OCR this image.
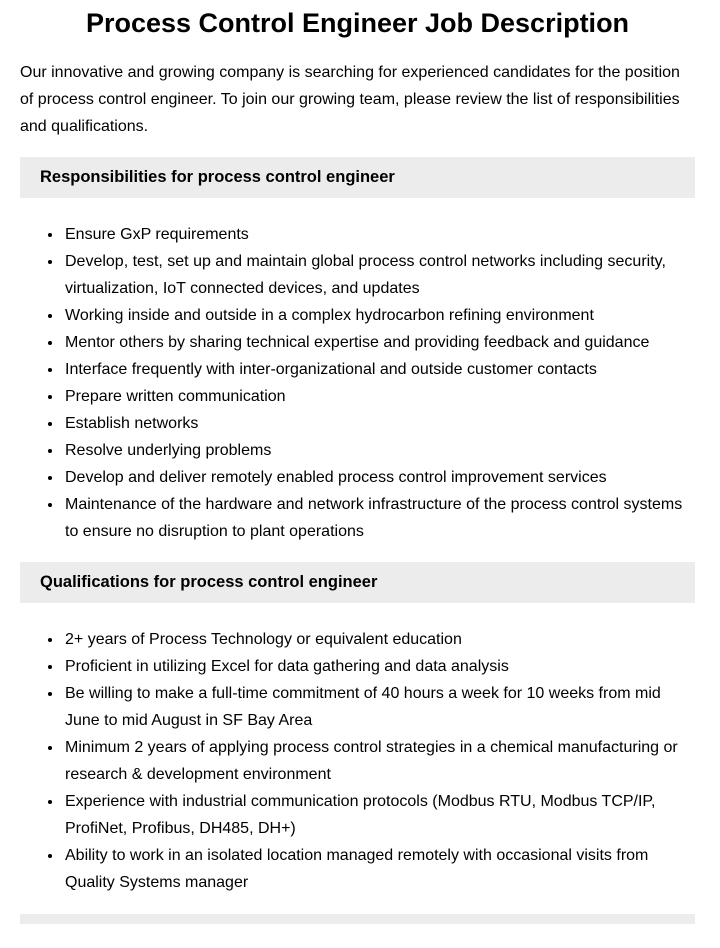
Process Control Engineer Job Description

Our innovative and growing company is searching for experienced candidates for the position of process control engineer. To join our growing team, please review the list of responsibilities and qualifications.

Responsibilities for process control engineer
• Ensure GxP requirements
• Develop, test, set up and maintain global process control networks including security, virtualization, IoT connected devices, and updates
• Working inside and outside in a complex hydrocarbon refining environment
• Mentor others by sharing technical expertise and providing feedback and guidance
• Interface frequently with inter-organizational and outside customer contacts
• Prepare written communication
• Establish networks
• Resolve underlying problems
• Develop and deliver remotely enabled process control improvement services
• Maintenance of the hardware and network infrastructure of the process control systems to ensure no disruption to plant operations
Qualifications for process control engineer
• 2+ years of Process Technology or equivalent education
• Proficient in utilizing Excel for data gathering and data analysis
• Be willing to make a full-time commitment of 40 hours a week for 10 weeks from mid June to mid August in SF Bay Area
• Minimum 2 years of applying process control strategies in a chemical manufacturing or research & development environment
• Experience with industrial communication protocols (Modbus RTU, Modbus TCP/IP, ProfiNet, Profibus, DH485, DH+)
• Ability to work in an isolated location managed remotely with occasional visits from Quality Systems manager
